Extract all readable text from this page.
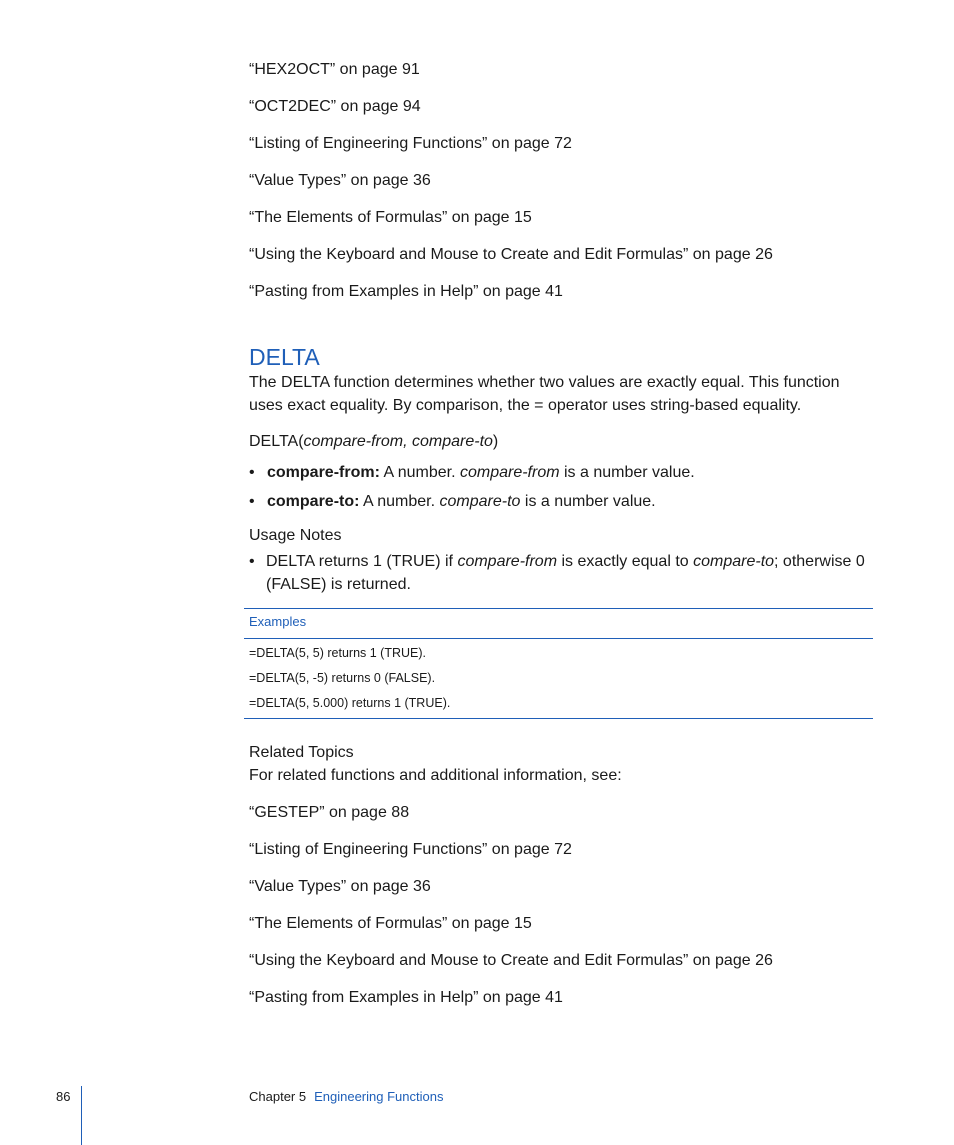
“HEX2OCT” on page 91
“OCT2DEC” on page 94
“Listing of Engineering Functions” on page 72
“Value Types” on page 36
“The Elements of Formulas” on page 15
“Using the Keyboard and Mouse to Create and Edit Formulas” on page 26
“Pasting from Examples in Help” on page 41
DELTA
The DELTA function determines whether two values are exactly equal. This function uses exact equality. By comparison, the = operator uses string-based equality.
DELTA(compare-from, compare-to)
• compare-from: A number. compare-from is a number value.
• compare-to: A number. compare-to is a number value.
Usage Notes
• DELTA returns 1 (TRUE) if compare-from is exactly equal to compare-to; otherwise 0 (FALSE) is returned.
Examples
=DELTA(5, 5) returns 1 (TRUE).
=DELTA(5, -5) returns 0 (FALSE).
=DELTA(5, 5.000) returns 1 (TRUE).
Related Topics
For related functions and additional information, see:
“GESTEP” on page 88
“Listing of Engineering Functions” on page 72
“Value Types” on page 36
“The Elements of Formulas” on page 15
“Using the Keyboard and Mouse to Create and Edit Formulas” on page 26
“Pasting from Examples in Help” on page 41
86	Chapter 5 Engineering Functions
